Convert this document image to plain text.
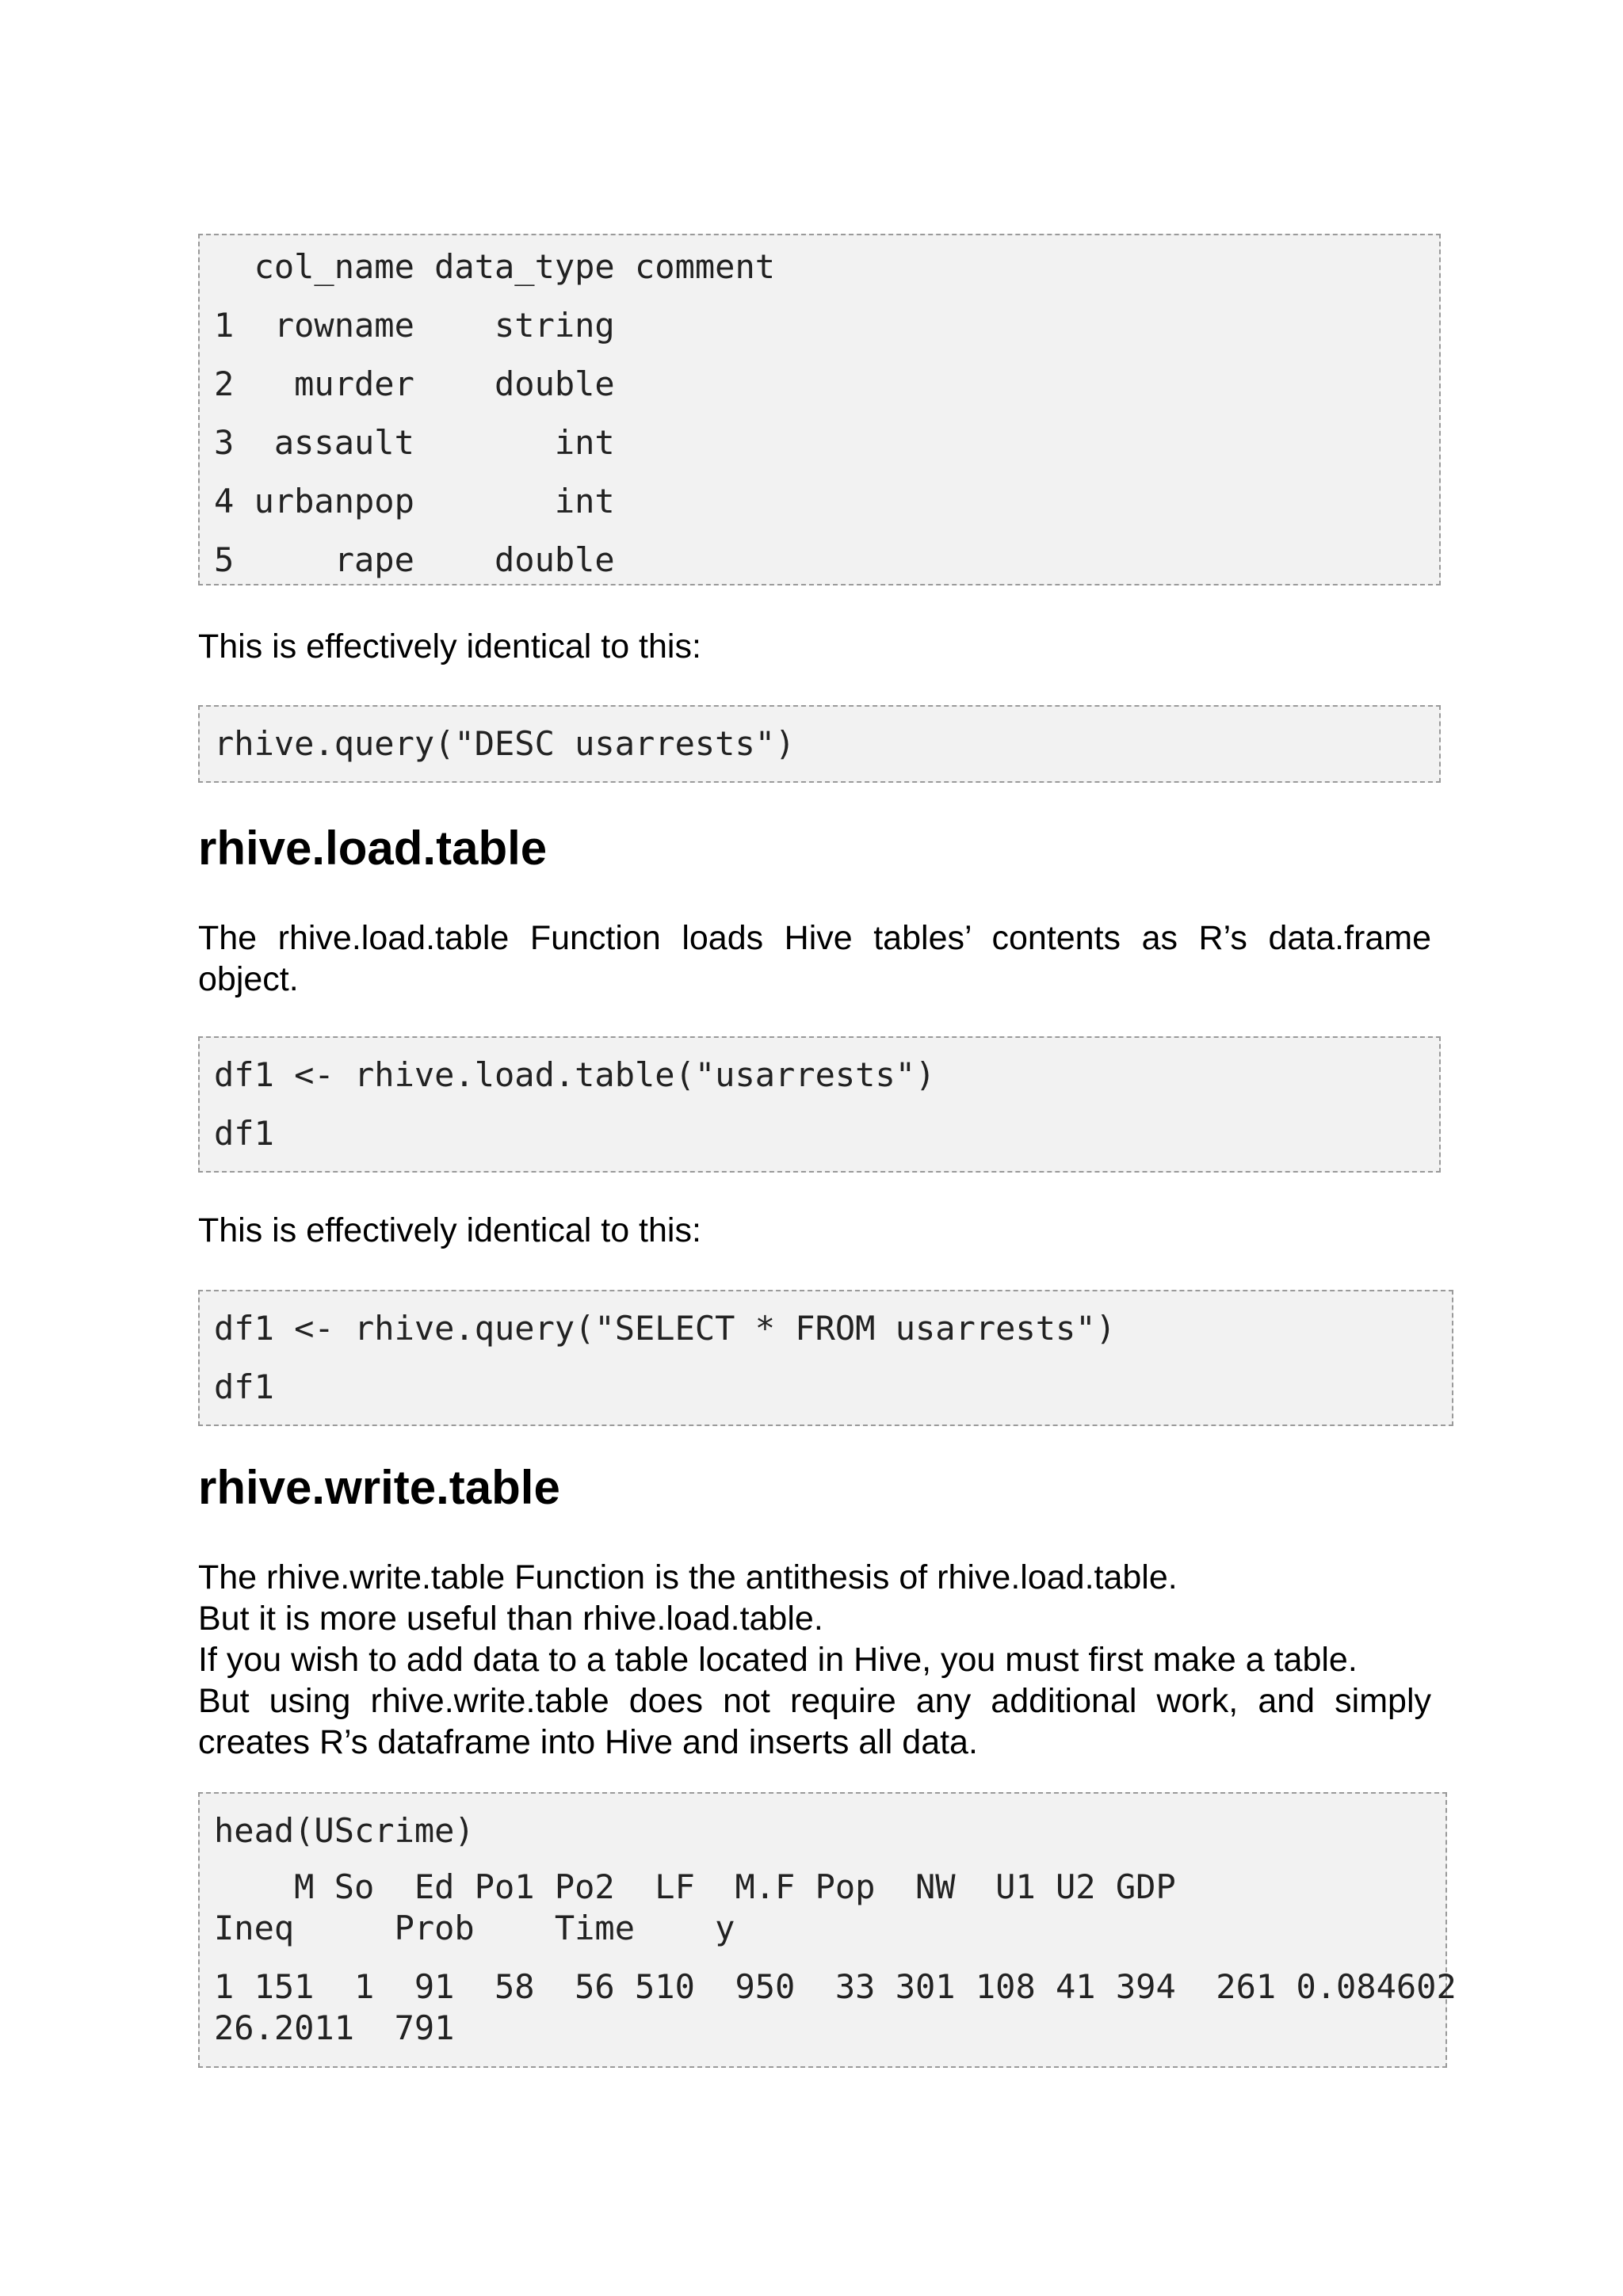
col_name data_type comment
1  rowname    string
2   murder    double
3  assault       int
4 urbanpop       int
5     rape    double

This is effectively identical to this:

rhive.query("DESC usarrests")
rhive.load.table

The rhive.load.table Function loads Hive tables’ contents as R’s data.frame object.

df1 <- rhive.load.table("usarrests")
df1

This is effectively identical to this:

df1 <- rhive.query("SELECT * FROM usarrests")
df1
rhive.write.table
The rhive.write.table Function is the antithesis of rhive.load.table.
But it is more useful than rhive.load.table.
If you wish to add data to a table located in Hive, you must first make a table.
But using rhive.write.table does not require any additional work, and simply creates R’s dataframe into Hive and inserts all data.
head(UScrime)
M So  Ed Po1 Po2  LF  M.F Pop  NW  U1 U2 GDP
Ineq     Prob    Time    y
1 151  1  91  58  56 510  950  33 301 108 41 394  261 0.084602
26.2011  791
